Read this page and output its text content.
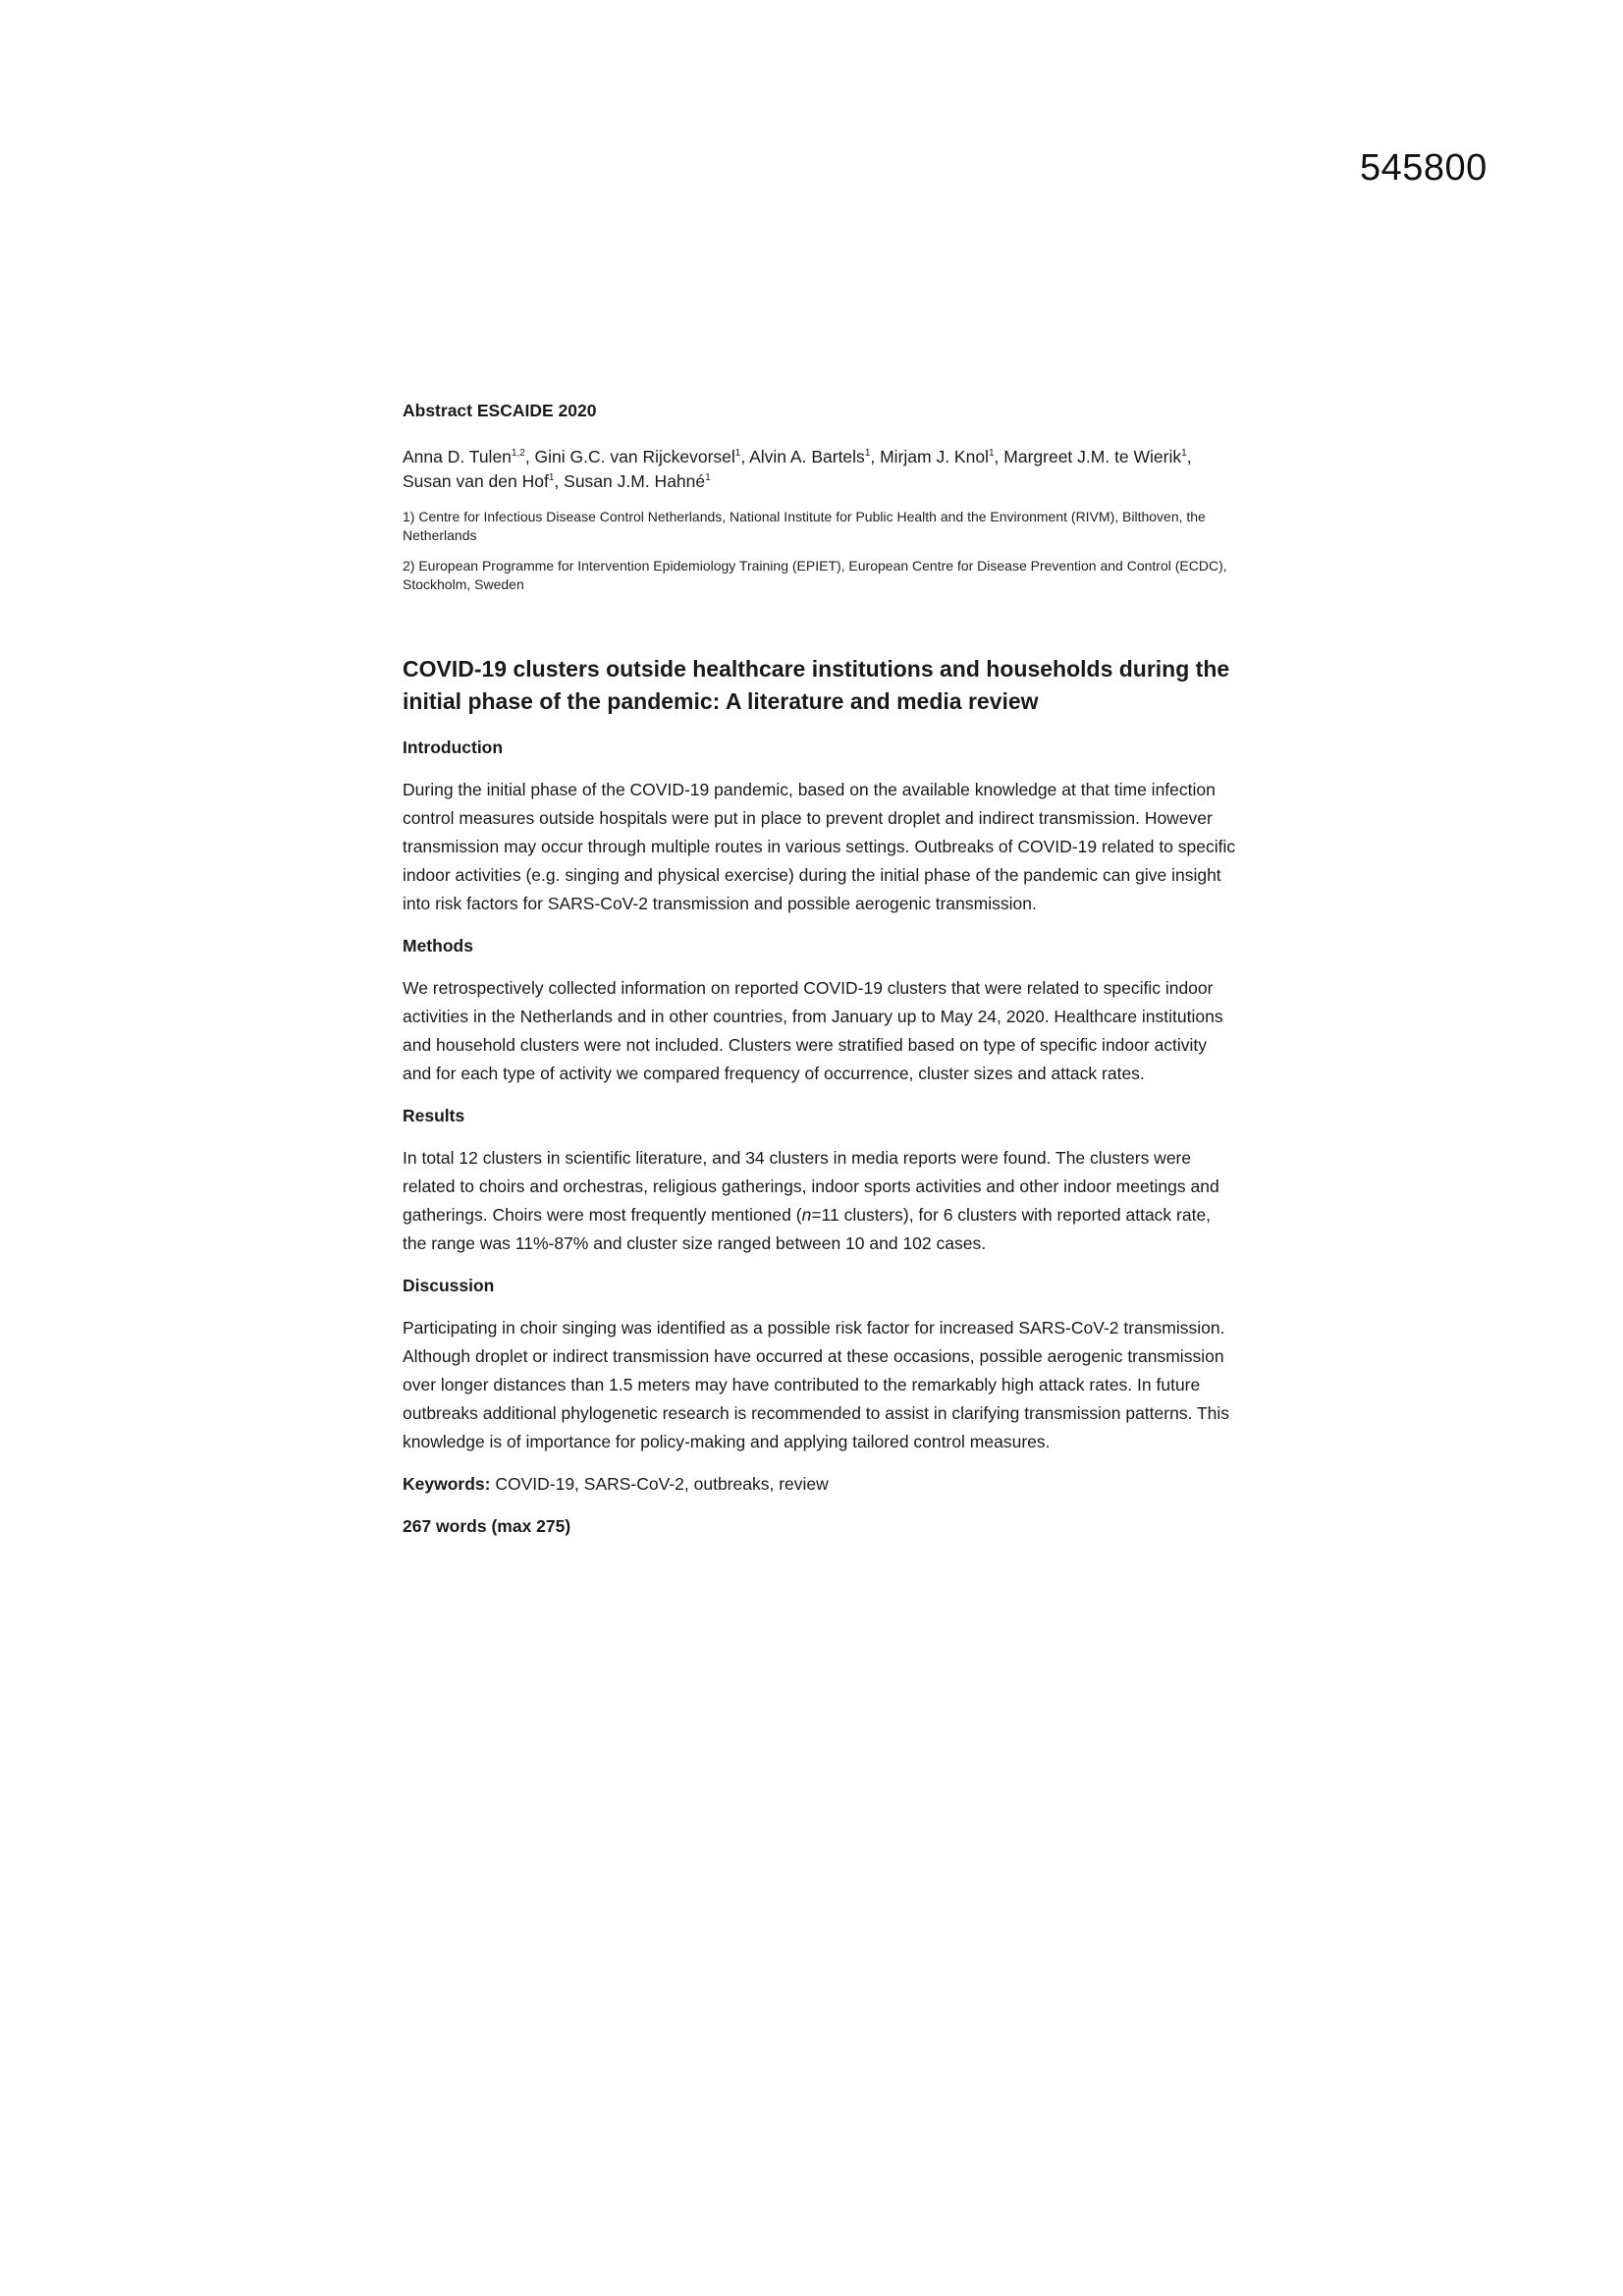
545800

Abstract ESCAIDE 2020

Anna D. Tulen$^{1,2}$, Gini G.C. van Rijckevorsel$^1$, Alvin A. Bartels$^1$, Mirjam J. Knol$^1$, Margreet J.M. te Wierik$^1$, Susan van den Hof$^1$, Susan J.M. Hahné$^1$

1) Centre for Infectious Disease Control Netherlands, National Institute for Public Health and the Environment (RIVM), Bilthoven, the Netherlands

2) European Programme for Intervention Epidemiology Training (EPIET), European Centre for Disease Prevention and Control (ECDC), Stockholm, Sweden

COVID-19 clusters outside healthcare institutions and households during the initial phase of the pandemic: A literature and media review

Introduction

During the initial phase of the COVID-19 pandemic, based on the available knowledge at that time infection control measures outside hospitals were put in place to prevent droplet and indirect transmission. However transmission may occur through multiple routes in various settings. Outbreaks of COVID-19 related to specific indoor activities (e.g. singing and physical exercise) during the initial phase of the pandemic can give insight into risk factors for SARS-CoV-2 transmission and possible aerogenic transmission.

Methods

We retrospectively collected information on reported COVID-19 clusters that were related to specific indoor activities in the Netherlands and in other countries, from January up to May 24, 2020. Healthcare institutions and household clusters were not included. Clusters were stratified based on type of specific indoor activity and for each type of activity we compared frequency of occurrence, cluster sizes and attack rates.

Results

In total 12 clusters in scientific literature, and 34 clusters in media reports were found. The clusters were related to choirs and orchestras, religious gatherings, indoor sports activities and other indoor meetings and gatherings. Choirs were most frequently mentioned (n=11 clusters), for 6 clusters with reported attack rate, the range was 11%-87% and cluster size ranged between 10 and 102 cases.

Discussion

Participating in choir singing was identified as a possible risk factor for increased SARS-CoV-2 transmission. Although droplet or indirect transmission have occurred at these occasions, possible aerogenic transmission over longer distances than 1.5 meters may have contributed to the remarkably high attack rates. In future outbreaks additional phylogenetic research is recommended to assist in clarifying transmission patterns. This knowledge is of importance for policy-making and applying tailored control measures.

Keywords: COVID-19, SARS-CoV-2, outbreaks, review

267 words (max 275)
